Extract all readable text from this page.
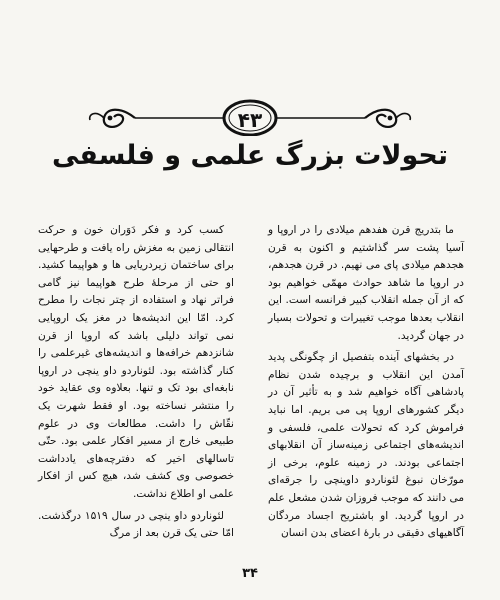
۴۳
تحولات بزرگ علمی و فلسفی

ما بتدریج قرن هفدهم میلادی را در اروپا و آسیا پشت سر گذاشتیم و اکنون به قرن هجدهم میلادی پای می نهیم. در قرن هجدهم، در اروپا ما شاهد حوادث مهمّی خواهیم بود که از آن جمله انقلاب کبیر فرانسه است. این انقلاب بعدها موجب تغییرات و تحولات بسیار در جهان گردید.

در بخشهای آینده بتفصیل از چگونگی پدید آمدن این انقلاب و برچیده شدن نظام پادشاهی آگاه خواهیم شد و به تأثیر آن در دیگر کشورهای اروپا پی می بریم. اما نباید فراموش کرد که تحولات علمی، فلسفی و اندیشه‌های اجتماعی زمینه‌ساز آن انقلابهای اجتماعی بودند. در زمینه علوم، برخی از مورّخان نبوغ لئوناردو داوینچی را جرقه‌ای می دانند که موجب فروزان شدن مشعل علم در اروپا گردید. او باشتریح اجساد مردگان آگاهیهای دقیقی در بارهٔ اعضای بدن انسان

کسب کرد و فکر دَوَران خون و حرکت انتقالی زمین به مغزش راه یافت و طرحهایی برای ساختمان زیردریایی ها و هواپیما کشید. او حتی از مرحلهٔ طرح هواپیما نیز گامی فراتر نهاد و استفاده از چتر نجات را مطرح کرد. امّا این اندیشه‌ها در مغز یک اروپایی نمی تواند دلیلی باشد که اروپا از قرن شانزدهم خرافه‌ها و اندیشه‌های غیرعلمی را کنار گذاشته بود. لئوناردو داو ینچی در اروپا نابغه‌ای بود تک و تنها. بعلاوه وی عقاید خود را منتشر نساخته بود. او فقط شهرت یک نقّاش را داشت. مطالعات وی در علوم طبیعی خارج از مسیر افکار علمی بود. حتّی تاسالهای اخیر که دفترچه‌های یادداشت خصوصی وی کشف شد، هیچ کس از افکار علمی او اطلاع نداشت.

لئوناردو داو ینچی در سال ۱۵۱۹ درگذشت. امّا حتی یک قرن بعد از مرگ

۳۴
